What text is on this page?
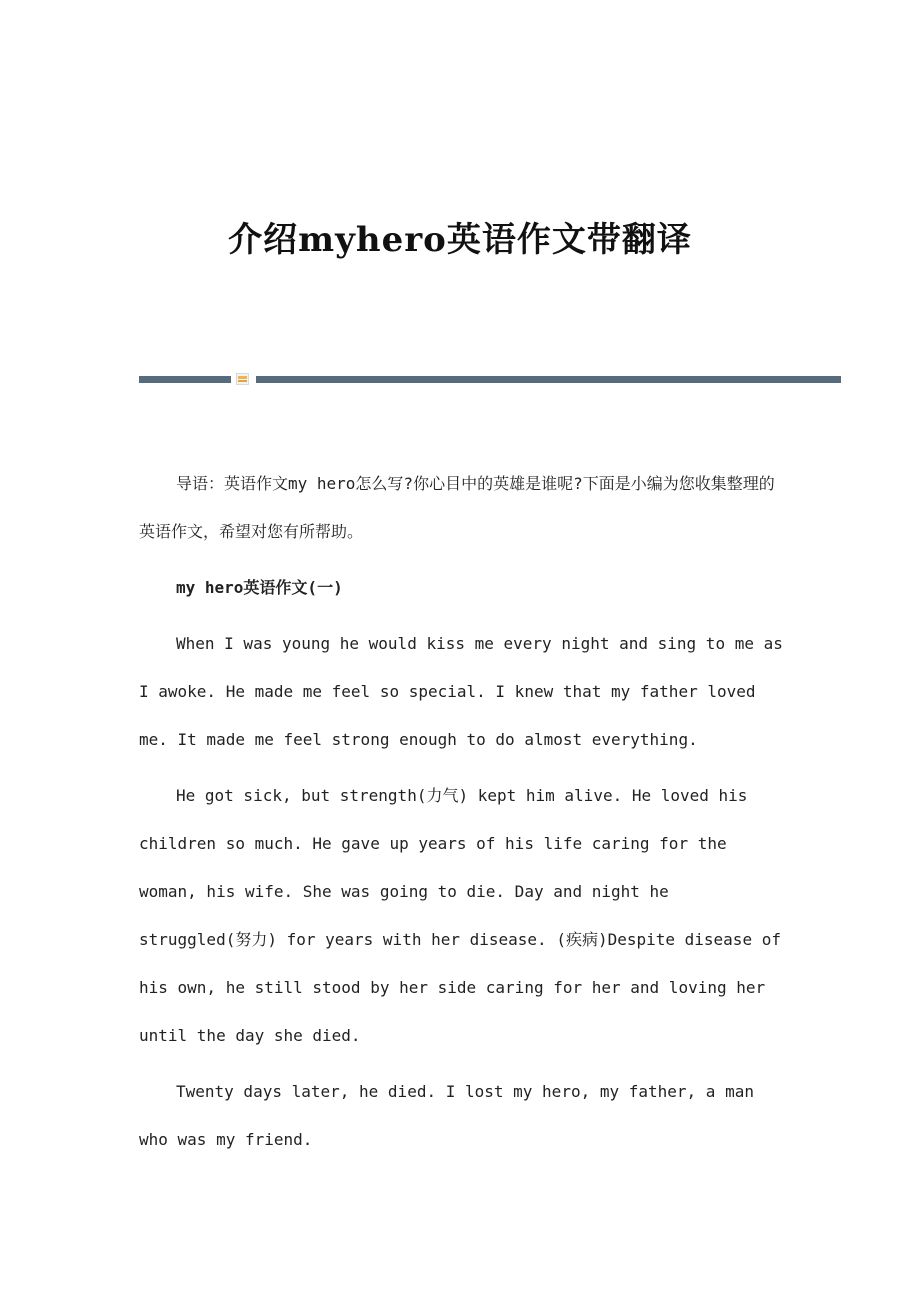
介绍myhero英语作文带翻译

导语：英语作文my hero怎么写?你心目中的英雄是谁呢?下面是小编为您收集整理的英语作文，希望对您有所帮助。

my hero英语作文(一)

When I was young he would kiss me every night and sing to me as I awoke. He made me feel so special. I knew that my father loved me. It made me feel strong enough to do almost everything.

He got sick, but strength(力气) kept him alive. He loved his children so much. He gave up years of his life caring for the woman, his wife. She was going to die. Day and night he struggled(努力) for years with her disease. (疾病)Despite disease of his own, he still stood by her side caring for her and loving her until the day she died.

Twenty days later, he died. I lost my hero, my father, a man who was my friend.
